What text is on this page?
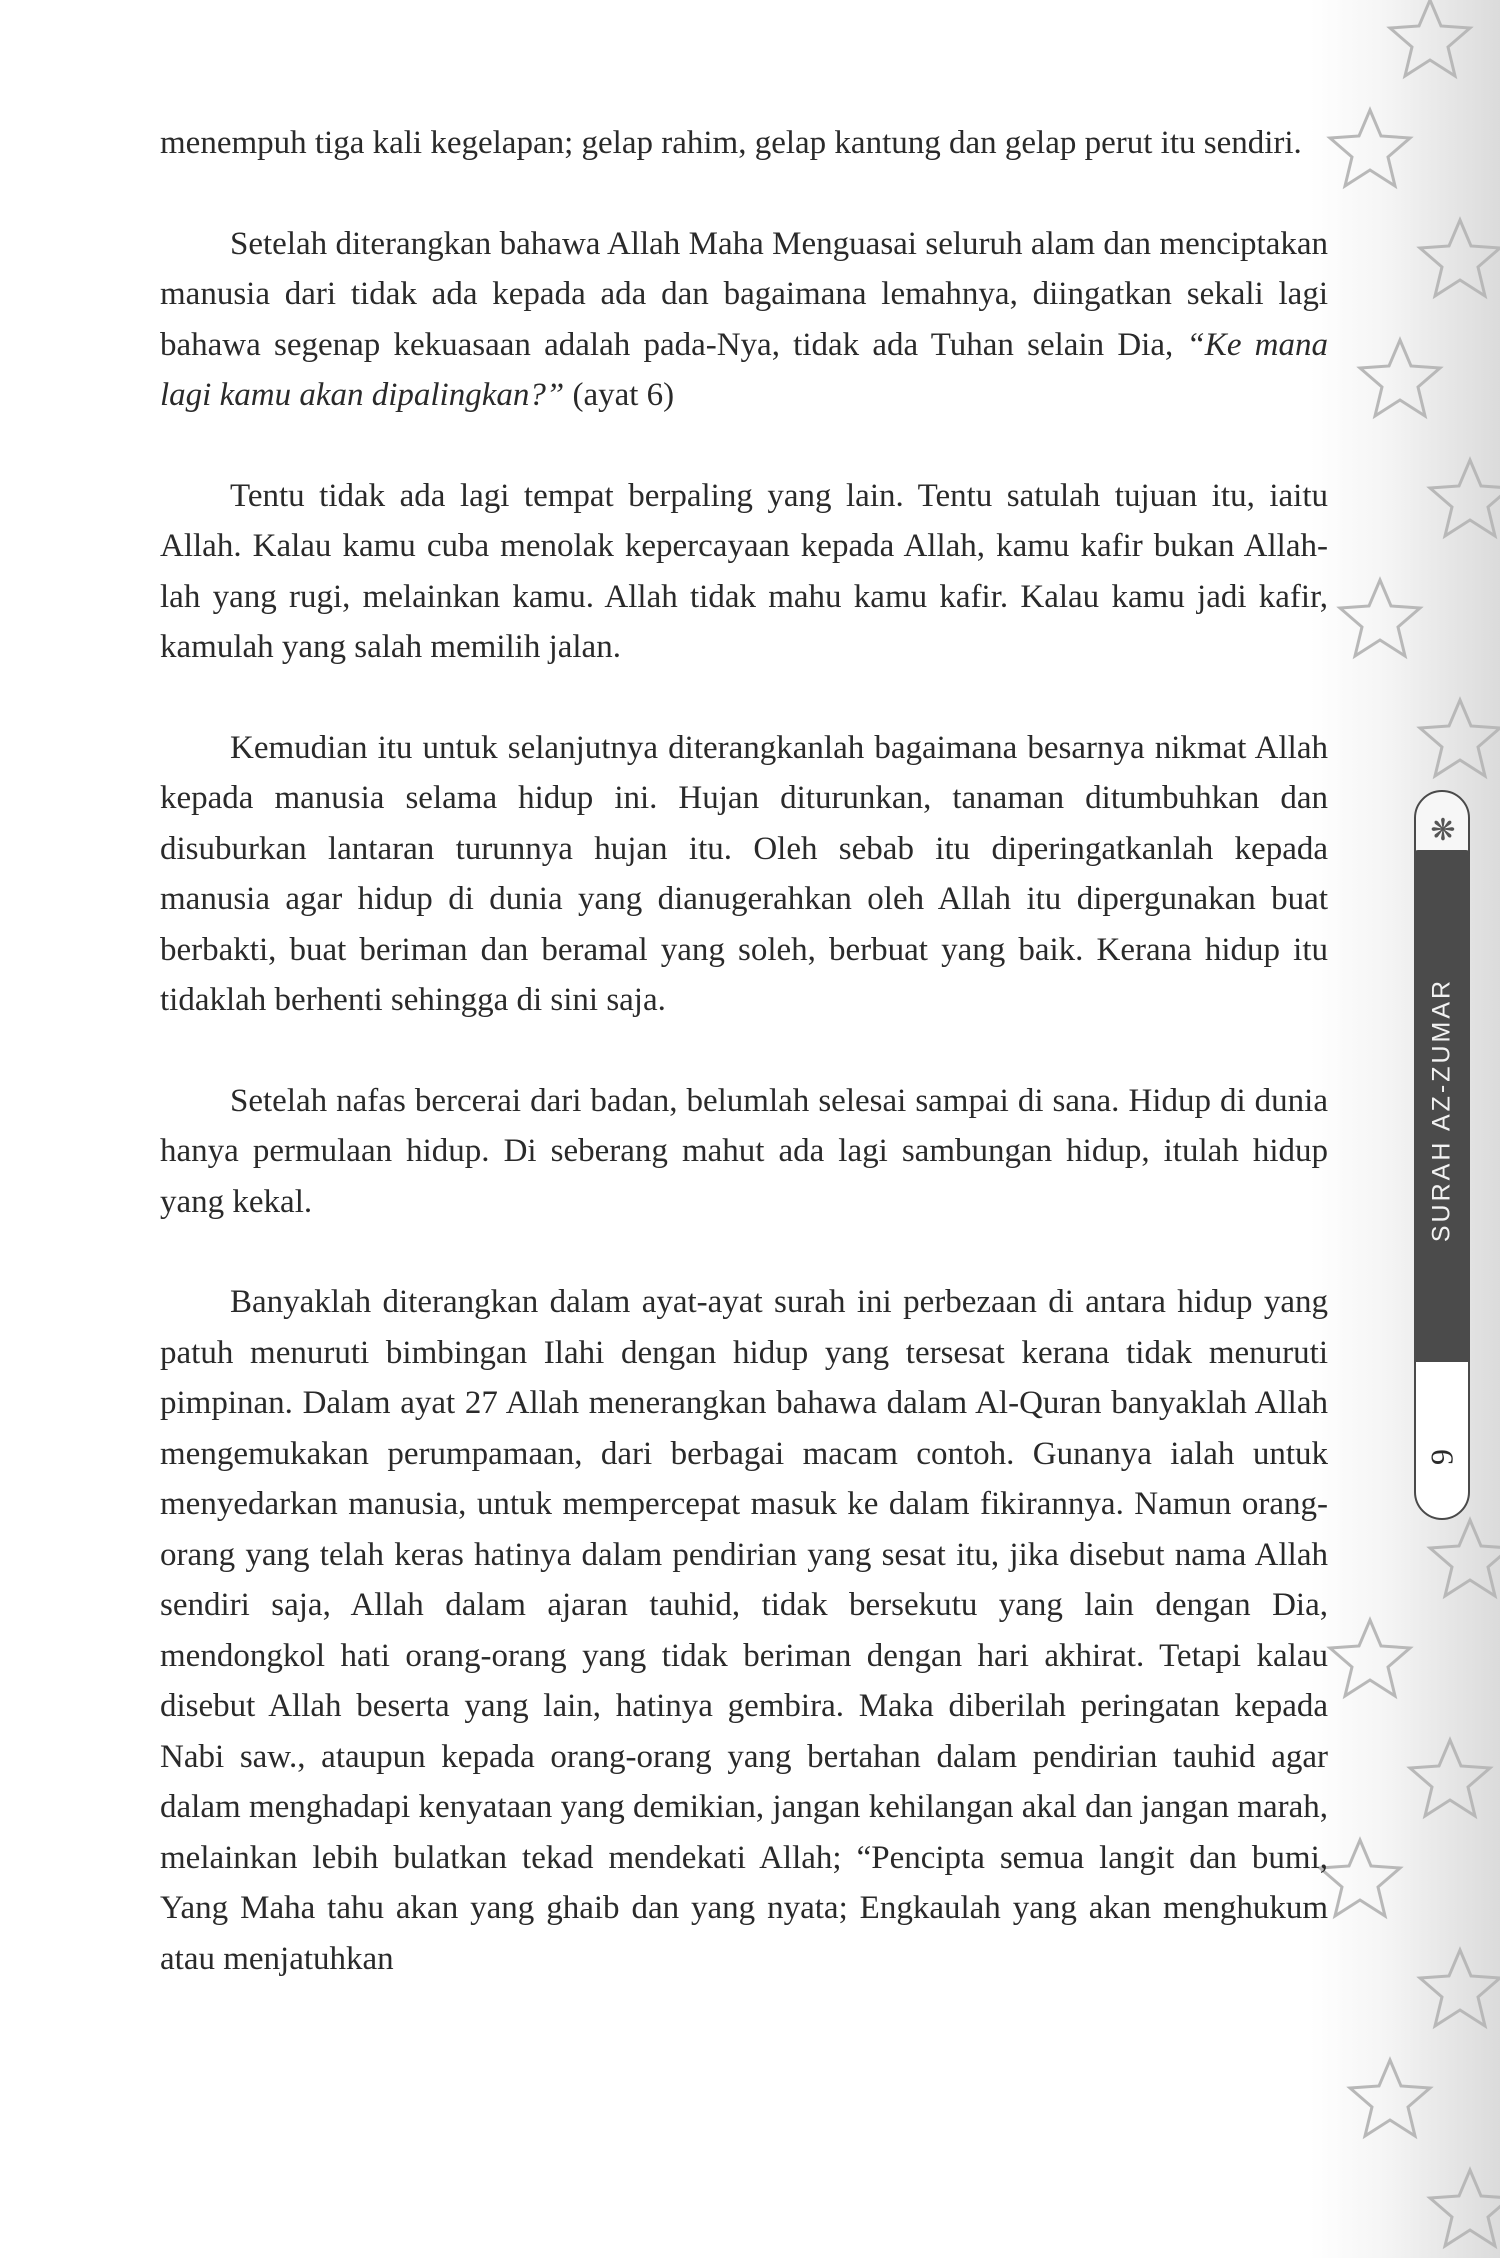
menempuh tiga kali kegelapan; gelap rahim, gelap kantung dan gelap perut itu sendiri.

Setelah diterangkan bahawa Allah Maha Menguasai seluruh alam dan menciptakan manusia dari tidak ada kepada ada dan bagaimana lemahnya, diingatkan sekali lagi bahawa segenap kekuasaan adalah pada-Nya, tidak ada Tuhan selain Dia, “Ke mana lagi kamu akan dipalingkan?” (ayat 6)

Tentu tidak ada lagi tempat berpaling yang lain. Tentu satulah tujuan itu, iaitu Allah. Kalau kamu cuba menolak kepercayaan kepada Allah, kamu kafir bukan Allah-lah yang rugi, melainkan kamu. Allah tidak mahu kamu kafir. Kalau kamu jadi kafir, kamulah yang salah memilih jalan.

Kemudian itu untuk selanjutnya diterangkanlah bagaimana besarnya nikmat Allah kepada manusia selama hidup ini. Hujan diturunkan, tanaman ditumbuhkan dan disuburkan lantaran turunnya hujan itu. Oleh sebab itu diperingatkanlah kepada manusia agar hidup di dunia yang dianugerahkan oleh Allah itu dipergunakan buat berbakti, buat beriman dan beramal yang soleh, berbuat yang baik. Kerana hidup itu tidaklah berhenti sehingga di sini saja.

Setelah nafas bercerai dari badan, belumlah selesai sampai di sana. Hidup di dunia hanya permulaan hidup. Di seberang mahut ada lagi sambungan hidup, itulah hidup yang kekal.

Banyaklah diterangkan dalam ayat-ayat surah ini perbezaan di antara hidup yang patuh menuruti bimbingan Ilahi dengan hidup yang tersesat kerana tidak menuruti pimpinan. Dalam ayat 27 Allah menerangkan bahawa dalam Al-Quran banyaklah Allah mengemukakan perumpamaan, dari berbagai macam contoh. Gunanya ialah untuk menyedarkan manusia, untuk mempercepat masuk ke dalam fikirannya. Namun orang-orang yang telah keras hatinya dalam pendirian yang sesat itu, jika disebut nama Allah sendiri saja, Allah dalam ajaran tauhid, tidak bersekutu yang lain dengan Dia, mendongkol hati orang-orang yang tidak beriman dengan hari akhirat. Tetapi kalau disebut Allah beserta yang lain, hatinya gembira. Maka diberilah peringatan kepada Nabi saw., ataupun kepada orang-orang yang bertahan dalam pendirian tauhid agar dalam menghadapi kenyataan yang demikian, jangan kehilangan akal dan jangan marah, melainkan lebih bulatkan tekad mendekati Allah; “Pencipta semua langit dan bumi, Yang Maha tahu akan yang ghaib dan yang nyata; Engkaulah yang akan menghukum atau menjatuhkan

❋
SURAH AZ-ZUMAR
9
